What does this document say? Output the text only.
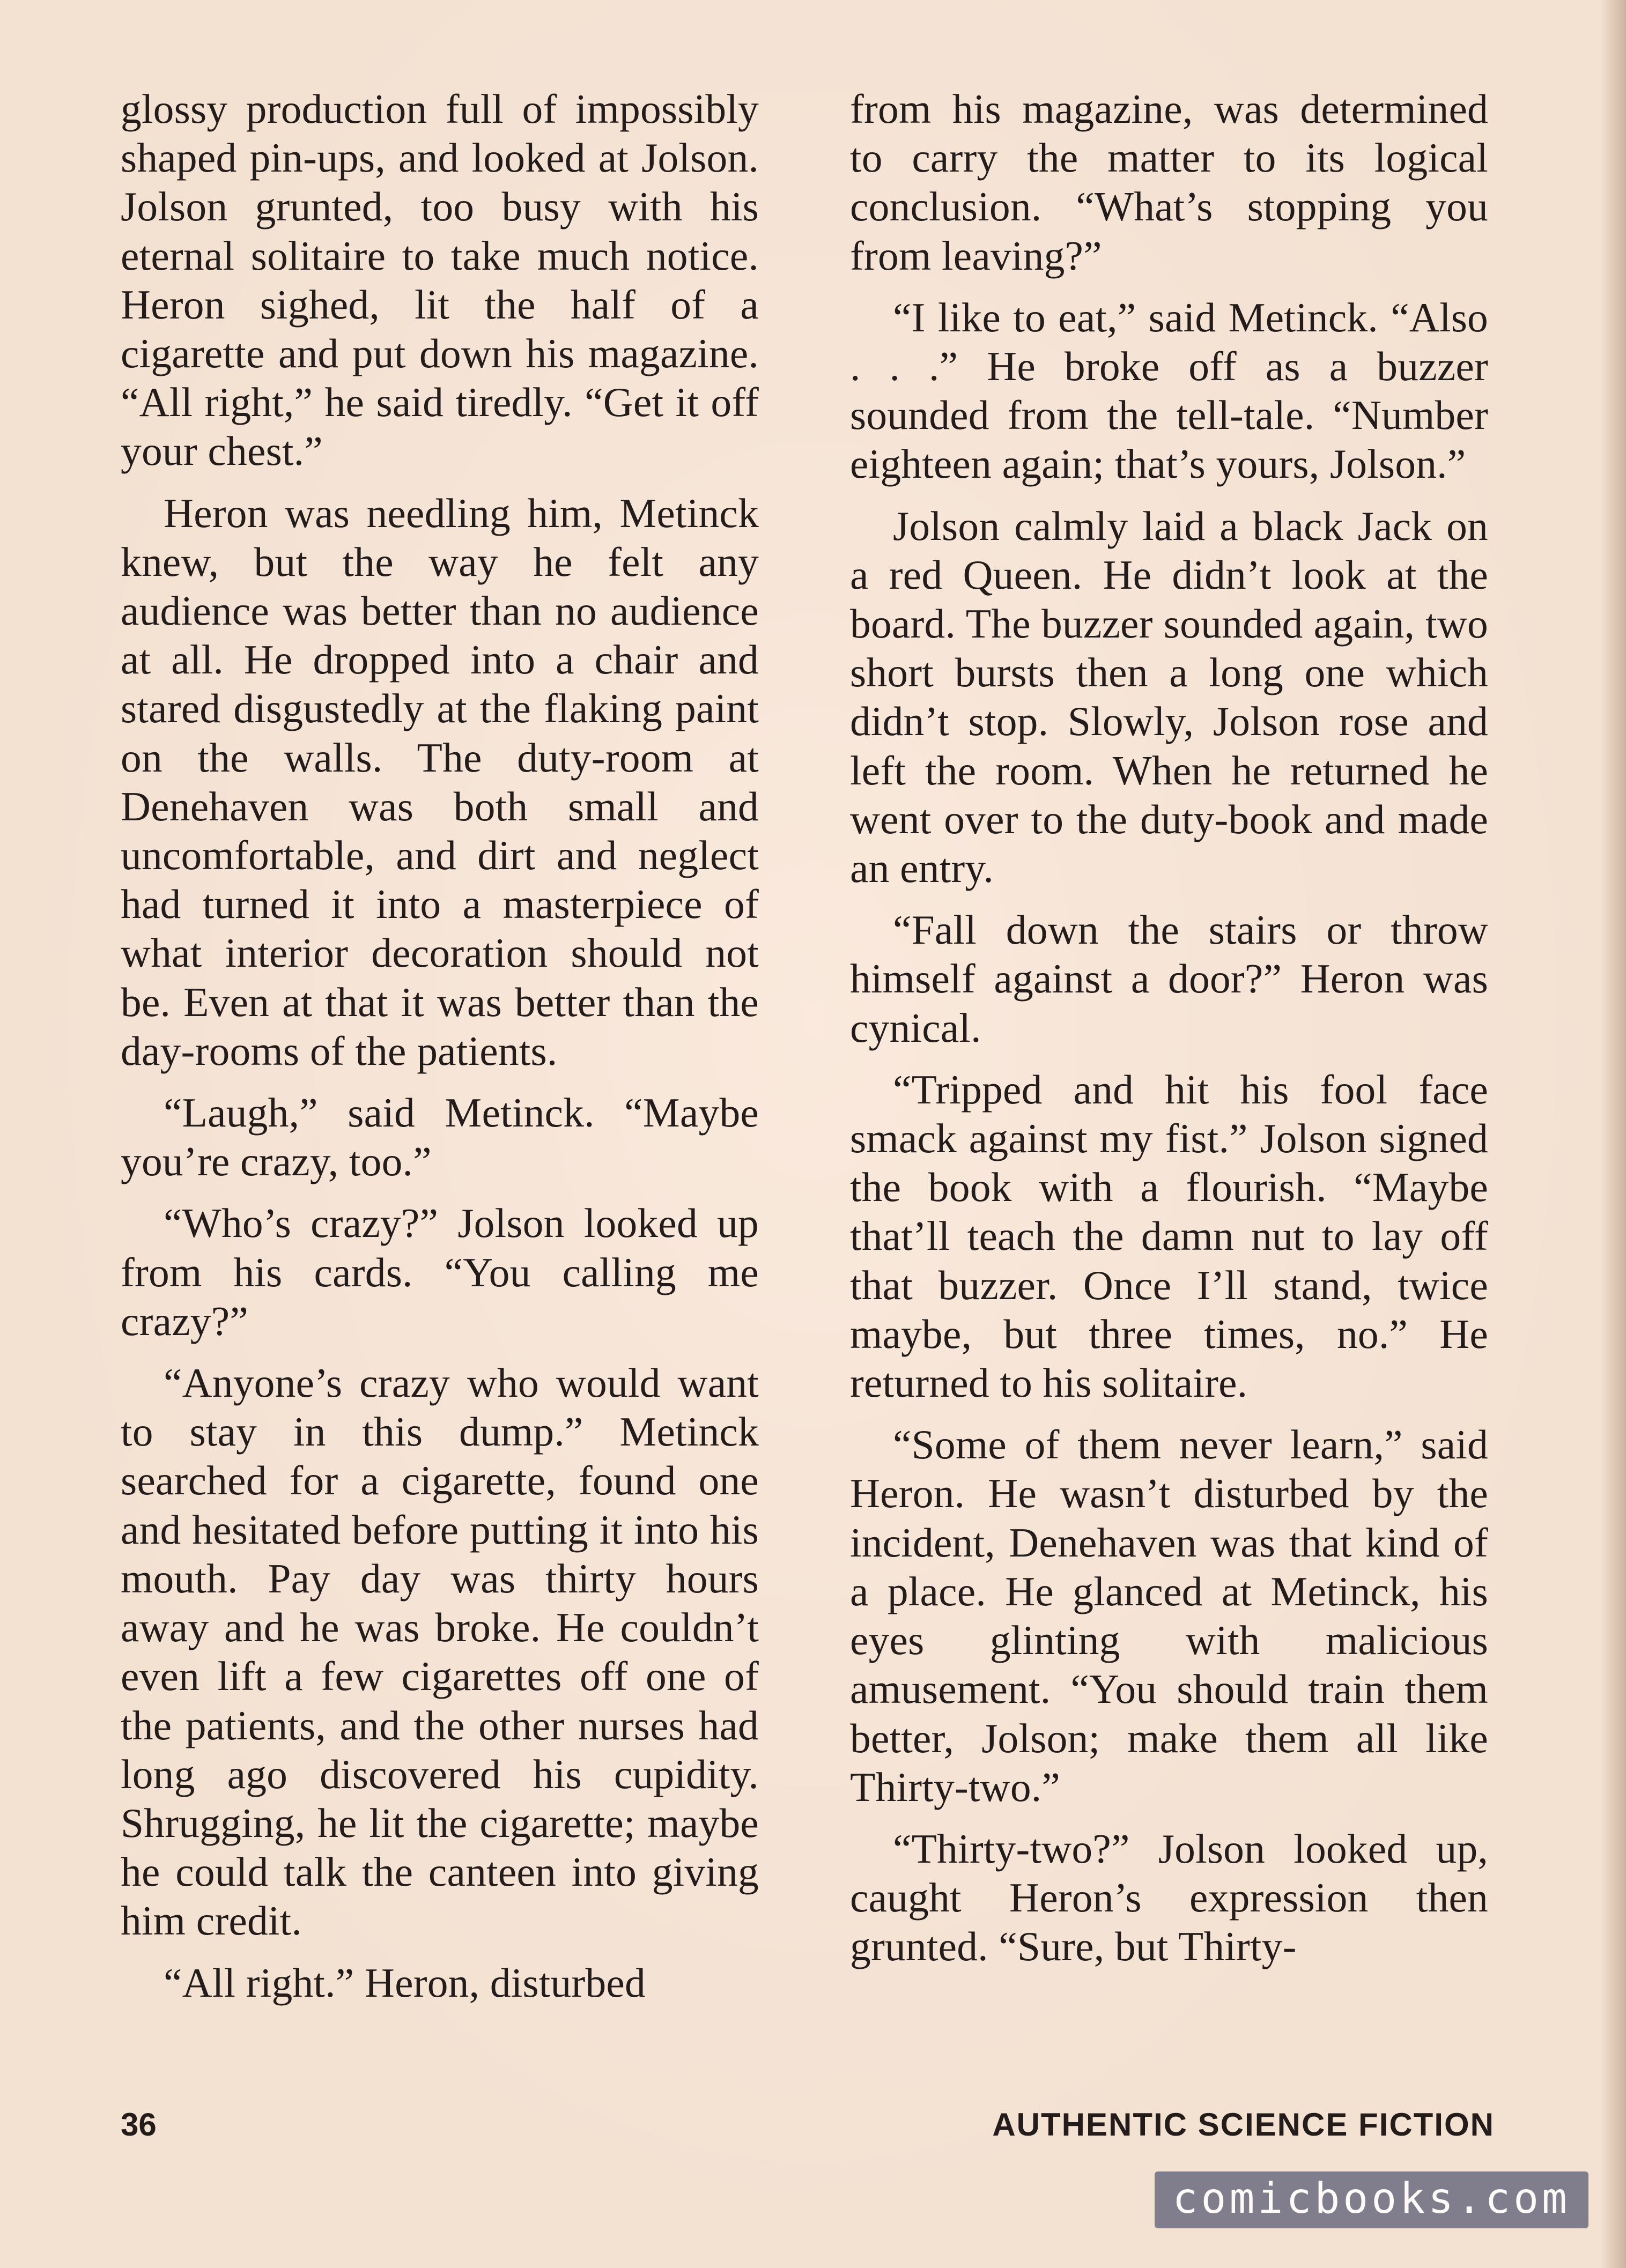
glossy production full of impossibly shaped pin-ups, and looked at Jolson. Jolson grunted, too busy with his eternal solitaire to take much notice. Heron sighed, lit the half of a cigarette and put down his magazine. “All right,” he said tiredly. “Get it off your chest.”

Heron was needling him, Metinck knew, but the way he felt any audience was better than no audience at all. He dropped into a chair and stared disgustedly at the flaking paint on the walls. The duty-room at Denehaven was both small and uncomfortable, and dirt and neglect had turned it into a masterpiece of what interior decoration should not be. Even at that it was better than the day-rooms of the patients.

“Laugh,” said Metinck. “Maybe you’re crazy, too.”

“Who’s crazy?” Jolson looked up from his cards. “You calling me crazy?”

“Anyone’s crazy who would want to stay in this dump.” Metinck searched for a cigarette, found one and hesitated before putting it into his mouth. Pay day was thirty hours away and he was broke. He couldn’t even lift a few cigarettes off one of the patients, and the other nurses had long ago discovered his cupidity. Shrugging, he lit the cigarette; maybe he could talk the canteen into giving him credit.

“All right.” Heron, disturbed

from his magazine, was determined to carry the matter to its logical conclusion. “What’s stopping you from leaving?”

“I like to eat,” said Metinck. “Also . . .” He broke off as a buzzer sounded from the tell-tale. “Number eighteen again; that’s yours, Jolson.”

Jolson calmly laid a black Jack on a red Queen. He didn’t look at the board. The buzzer sounded again, two short bursts then a long one which didn’t stop. Slowly, Jolson rose and left the room. When he returned he went over to the duty-book and made an entry.

“Fall down the stairs or throw himself against a door?” Heron was cynical.

“Tripped and hit his fool face smack against my fist.” Jolson signed the book with a flourish. “Maybe that’ll teach the damn nut to lay off that buzzer. Once I’ll stand, twice maybe, but three times, no.” He returned to his solitaire.

“Some of them never learn,” said Heron. He wasn’t disturbed by the incident, Denehaven was that kind of a place. He glanced at Metinck, his eyes glinting with malicious amusement. “You should train them better, Jolson; make them all like Thirty-two.”

“Thirty-two?” Jolson looked up, caught Heron’s expression then grunted. “Sure, but Thirty-

36	AUTHENTIC SCIENCE FICTION
comicbooks.com
